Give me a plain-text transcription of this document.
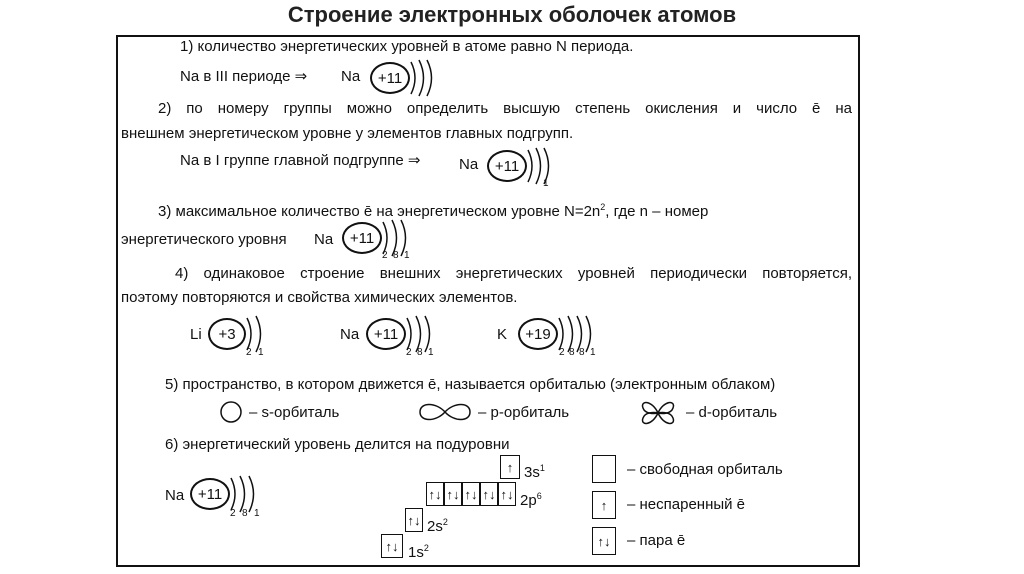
Строение электронных оболочек атомов
1) количество энергетических уровней в атоме равно N периода.
Na в III периоде ⇒ Na	+11
2) по номеру группы можно определить высшую степень окисления и число ē на
внешнем энергетическом уровне у элементов главных подгрупп.
Na в I группе главной подгруппе ⇒	Na	+11
1
3) максимальное количество ē на энергетическом уровне $N=2n^2$, где n – номер
энергетического уровня Na	+11
2 8 1
4) одинаковое строение внешних энергетических уровней периодически повторяется,
поэтому повторяются и свойства химических элементов.
Li	+3
2 1
Na +11
2 8 1
K	+19
2 8 8 1
5) пространство, в котором движется ē, называется орбиталью (электронным облаком)
– s-орбиталь	– p-орбиталь	– d-орбиталь
6) энергетический уровень делится на подуровни
Na +11
2 8 1
↑ $3s^1$
↑↓ ↑↓ ↑↓ ↑↓ ↑↓ $2p^6$
↑↓ $2s^2$
↑↓ $1s^2$
– свободная орбиталь
↑	– неспаренный ē
↑↓	– пара ē
